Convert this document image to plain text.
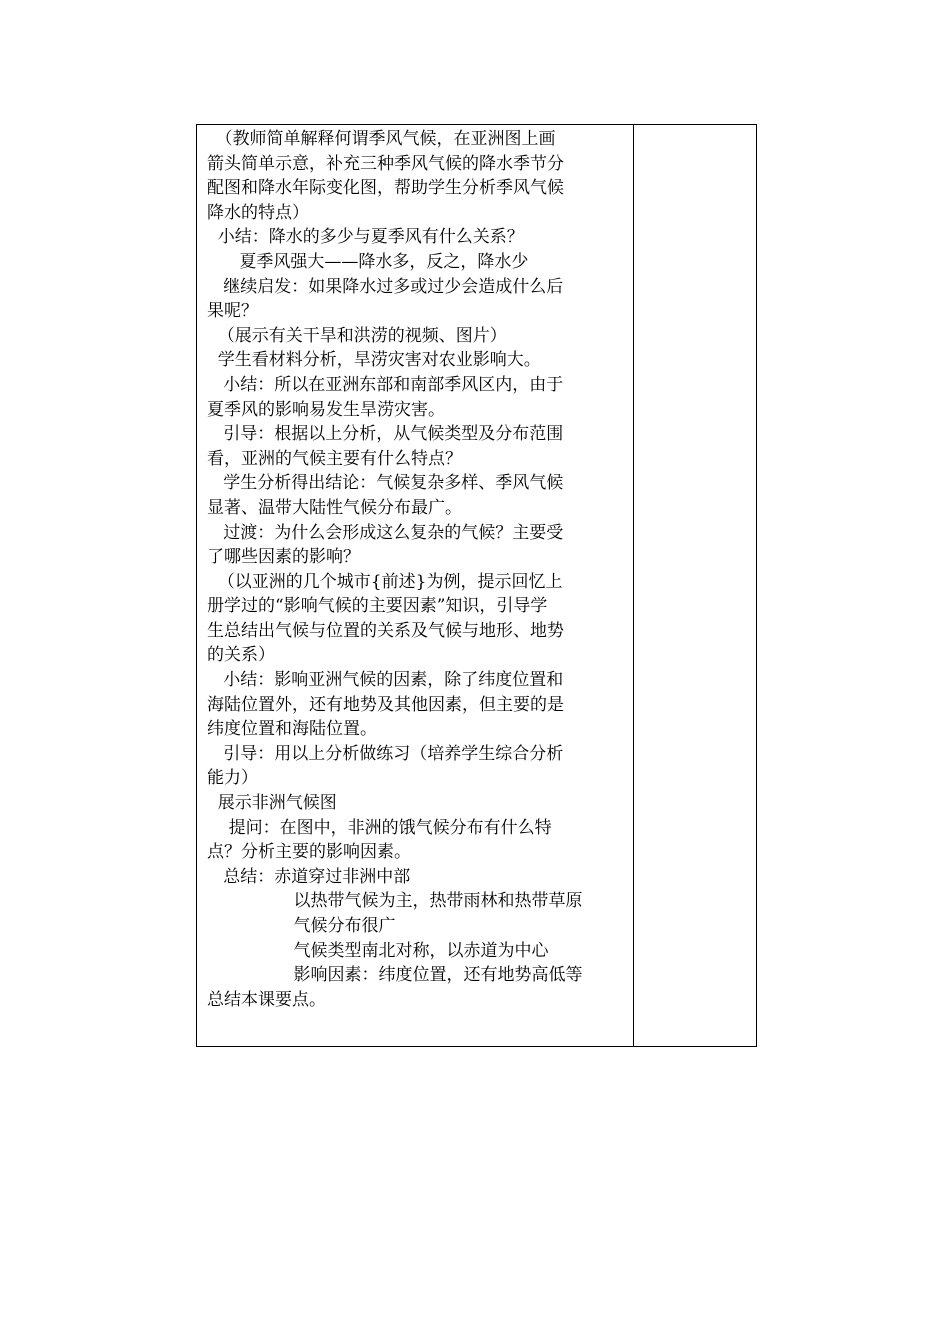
　（教师简单解释何谓季风气候，在亚洲图上画
箭头简单示意，补充三种季风气候的降水季节分
配图和降水年际变化图，帮助学生分析季风气候
降水的特点）
小结：降水的多少与夏季风有什么关系？
夏季风强大——降水多，反之，降水少
继续启发：如果降水过多或过少会造成什么后
果呢？
（展示有关干旱和洪涝的视频、图片）
学生看材料分析，旱涝灾害对农业影响大。
小结：所以在亚洲东部和南部季风区内，由于
夏季风的影响易发生旱涝灾害。
引导：根据以上分析，从气候类型及分布范围
看，亚洲的气候主要有什么特点？
学生分析得出结论：气候复杂多样、季风气候
显著、温带大陆性气候分布最广。
过渡：为什么会形成这么复杂的气候？主要受
了哪些因素的影响？
（以亚洲的几个城市{前述}为例，提示回忆上
册学过的“影响气候的主要因素”知识，引导学
生总结出气候与位置的关系及气候与地形、地势
的关系）
小结：影响亚洲气候的因素，除了纬度位置和
海陆位置外，还有地势及其他因素，但主要的是
纬度位置和海陆位置。
引导：用以上分析做练习（培养学生综合分析
能力）
展示非洲气候图
提问：在图中，非洲的饿气候分布有什么特
点？分析主要的影响因素。
总结：赤道穿过非洲中部
以热带气候为主，热带雨林和热带草原
气候分布很广
气候类型南北对称，以赤道为中心
影响因素：纬度位置，还有地势高低等
总结本课要点。
